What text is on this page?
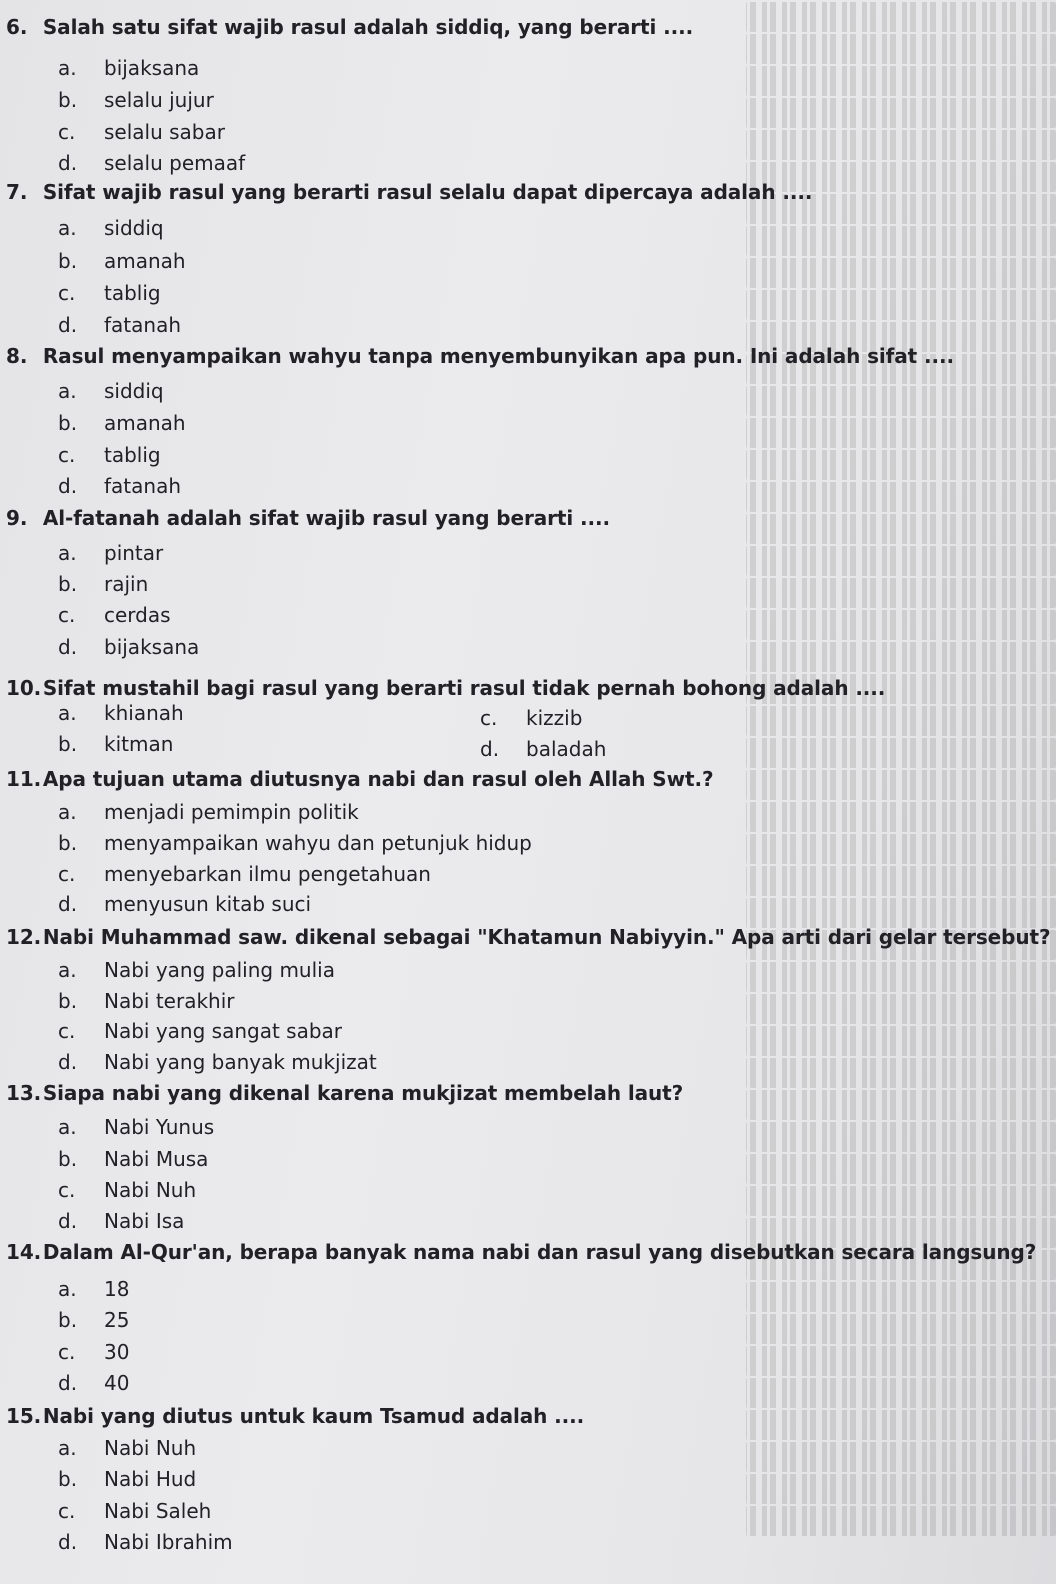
6. Salah satu sifat wajib rasul adalah siddiq, yang berarti ....
a. bijaksana
b. selalu jujur
c. selalu sabar
d. selalu pemaaf
7. Sifat wajib rasul yang berarti rasul selalu dapat dipercaya adalah ....
a. siddiq
b. amanah
c. tablig
d. fatanah
8. Rasul menyampaikan wahyu tanpa menyembunyikan apa pun. Ini adalah sifat ....
a. siddiq
b. amanah
c. tablig
d. fatanah
9. Al-fatanah adalah sifat wajib rasul yang berarti ....
a. pintar
b. rajin
c. cerdas
d. bijaksana
10. Sifat mustahil bagi rasul yang berarti rasul tidak pernah bohong adalah ....
a. khianah	c. kizzib
b. kitman	d. baladah
11. Apa tujuan utama diutusnya nabi dan rasul oleh Allah Swt.?
a. menjadi pemimpin politik
b. menyampaikan wahyu dan petunjuk hidup
c. menyebarkan ilmu pengetahuan
d. menyusun kitab suci
12. Nabi Muhammad saw. dikenal sebagai "Khatamun Nabiyyin." Apa arti dari gelar tersebut?
a. Nabi yang paling mulia
b. Nabi terakhir
c. Nabi yang sangat sabar
d. Nabi yang banyak mukjizat
13. Siapa nabi yang dikenal karena mukjizat membelah laut?
a. Nabi Yunus
b. Nabi Musa
c. Nabi Nuh
d. Nabi Isa
14. Dalam Al-Qur'an, berapa banyak nama nabi dan rasul yang disebutkan secara langsung?
a. 18
b. 25
c. 30
d. 40
15. Nabi yang diutus untuk kaum Tsamud adalah ....
a. Nabi Nuh
b. Nabi Hud
c. Nabi Saleh
d. Nabi Ibrahim
